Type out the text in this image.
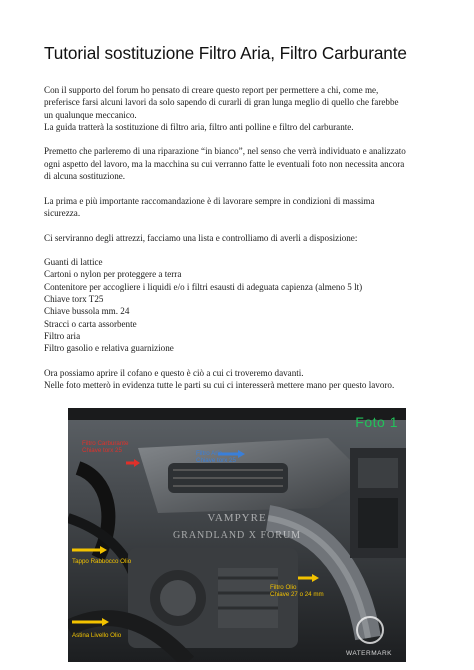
Tutorial sostituzione Filtro Aria, Filtro Carburante

Con il supporto del forum ho pensato di creare questo report per permettere a chi, come me,

preferisce farsi alcuni lavori da solo sapendo di curarli di gran lunga meglio di quello che farebbe

un qualunque meccanico.

La guida tratterà la sostituzione di filtro aria, filtro anti polline e filtro del carburante.

Premetto che parleremo di una riparazione “in bianco”, nel senso che verrà individuato e analizzato

ogni aspetto del lavoro, ma la macchina su cui verranno fatte le eventuali foto non necessita ancora

di alcuna sostituzione.

La prima e più importante raccomandazione è di lavorare sempre in condizioni di massima

sicurezza.

Ci serviranno degli attrezzi, facciamo una lista e controlliamo di averli a disposizione:

Guanti di lattice

Cartoni o nylon per proteggere a terra

Contenitore per accogliere i liquidi e/o i filtri esausti di adeguata capienza (almeno 5 lt)

Chiave torx T25

Chiave bussola mm. 24

Stracci o carta assorbente

Filtro aria

Filtro gasolio e relativa guarnizione

Ora possiamo aprire il cofano e questo è ciò a cui ci troveremo davanti.

Nelle foto metterò in evidenza tutte le parti su cui ci interesserà mettere mano per questo lavoro.

Foto 1
Filtro Carburante
Chiave torx 25	Filtro Aria
Chiave torx 25
Tappo Rabbocco Olio
Filtro Olio
Chiave 27 o 24 mm
Astina Livello Olio
VAMPYRE
GRANDLAND X FORUM
WATERMARK
